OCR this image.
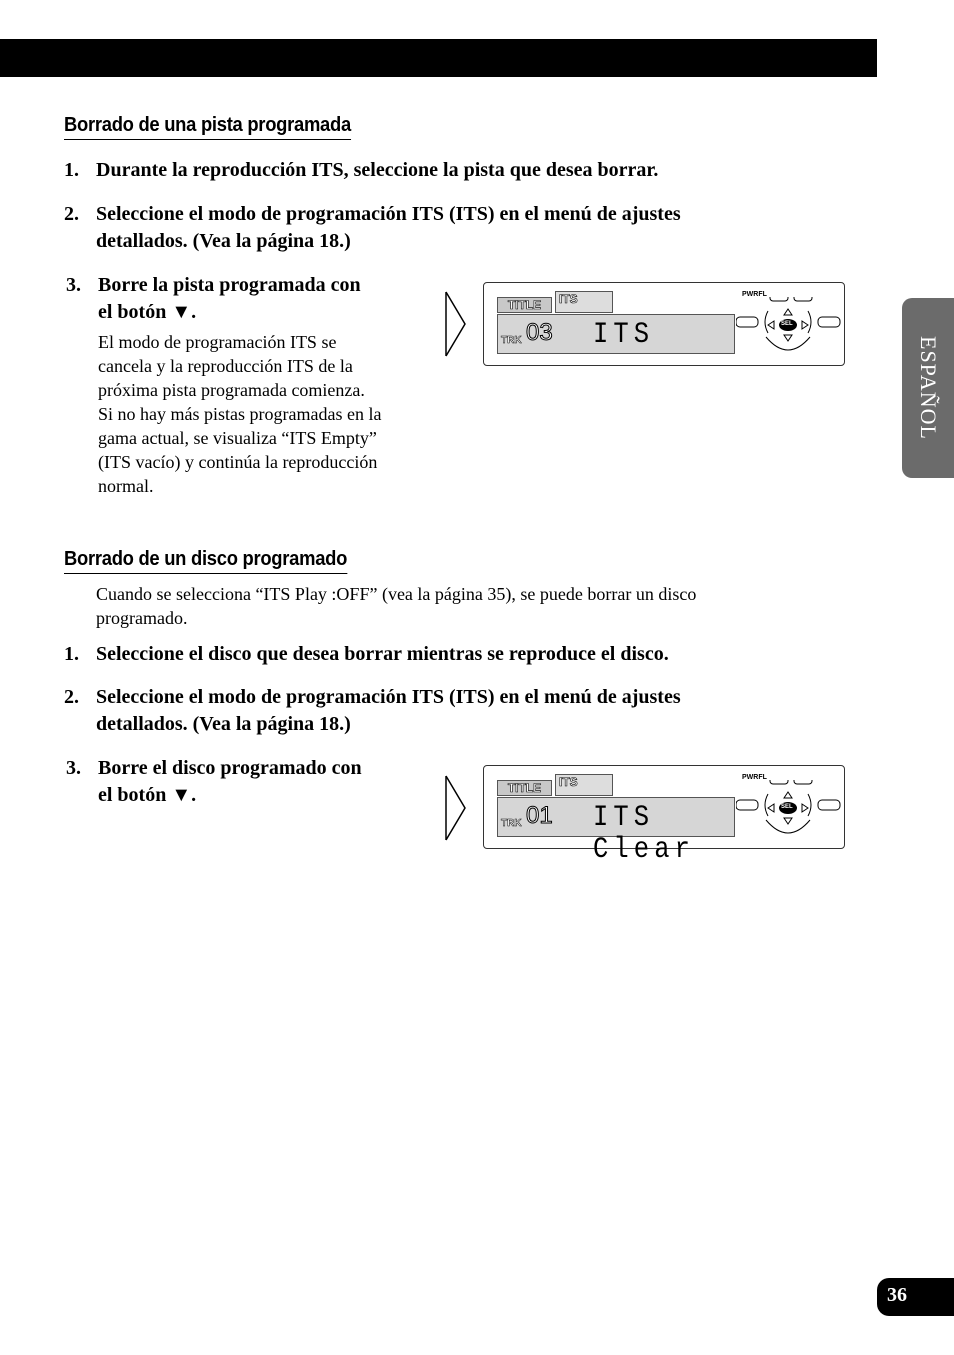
ESPAÑOL
Borrado de una pista programada
1. Durante la reproducción ITS, seleccione la pista que desea borrar.
2. Seleccione el modo de programación ITS (ITS) en el menú de ajustes
detallados. (Vea la página 18.)
3. Borre la pista programada con
el botón ▼.
El modo de programación ITS se
cancela y la reproducción ITS de la
próxima pista programada comienza.
Si no hay más pistas programadas en la
gama actual, se visualiza “ITS Empty”
(ITS vacío) y continúa la reproducción
normal.
TITLE	ITS
TRK 03 ITS
PWRFL
SEL
Borrado de un disco programado
Cuando se selecciona “ITS Play :OFF” (vea la página 35), se puede borrar un disco
programado.
1. Seleccione el disco que desea borrar mientras se reproduce el disco.
2. Seleccione el modo de programación ITS (ITS) en el menú de ajustes
detallados. (Vea la página 18.)
3. Borre el disco programado con
el botón ▼.	TITLE	ITS
TRK 01 ITS Clear
PWRFL
SEL
36
